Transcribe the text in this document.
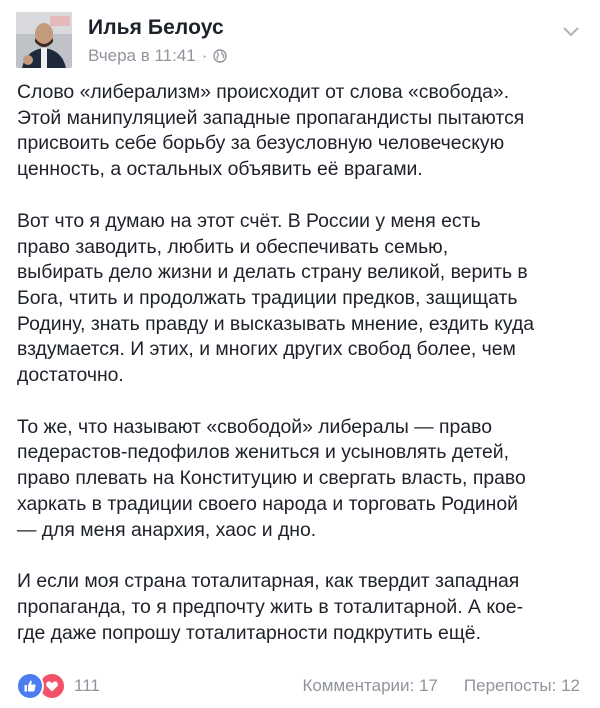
Илья Белоус
Вчера в 11:41 ·

Слово «либерализм» происходит от слова «свобода».
Этой манипуляцией западные пропагандисты пытаются
присвоить себе борьбу за безусловную человеческую
ценность, а остальных объявить её врагами.

Вот что я думаю на этот счёт. В России у меня есть
право заводить, любить и обеспечивать семью,
выбирать дело жизни и делать страну великой, верить в
Бога, чтить и продолжать традиции предков, защищать
Родину, знать правду и высказывать мнение, ездить куда
вздумается. И этих, и многих других свобод более, чем
достаточно.

То же, что называют «свободой» либералы — право
педерастов-педофилов жениться и усыновлять детей,
право плевать на Конституцию и свергать власть, право
харкать в традиции своего народа и торговать Родиной
— для меня анархия, хаос и дно.

И если моя страна тоталитарная, как твердит западная
пропаганда, то я предпочту жить в тоталитарной. А кое-
где даже попрошу тоталитарности подкрутить ещё.

111	Комментарии: 17 Перепосты: 12
